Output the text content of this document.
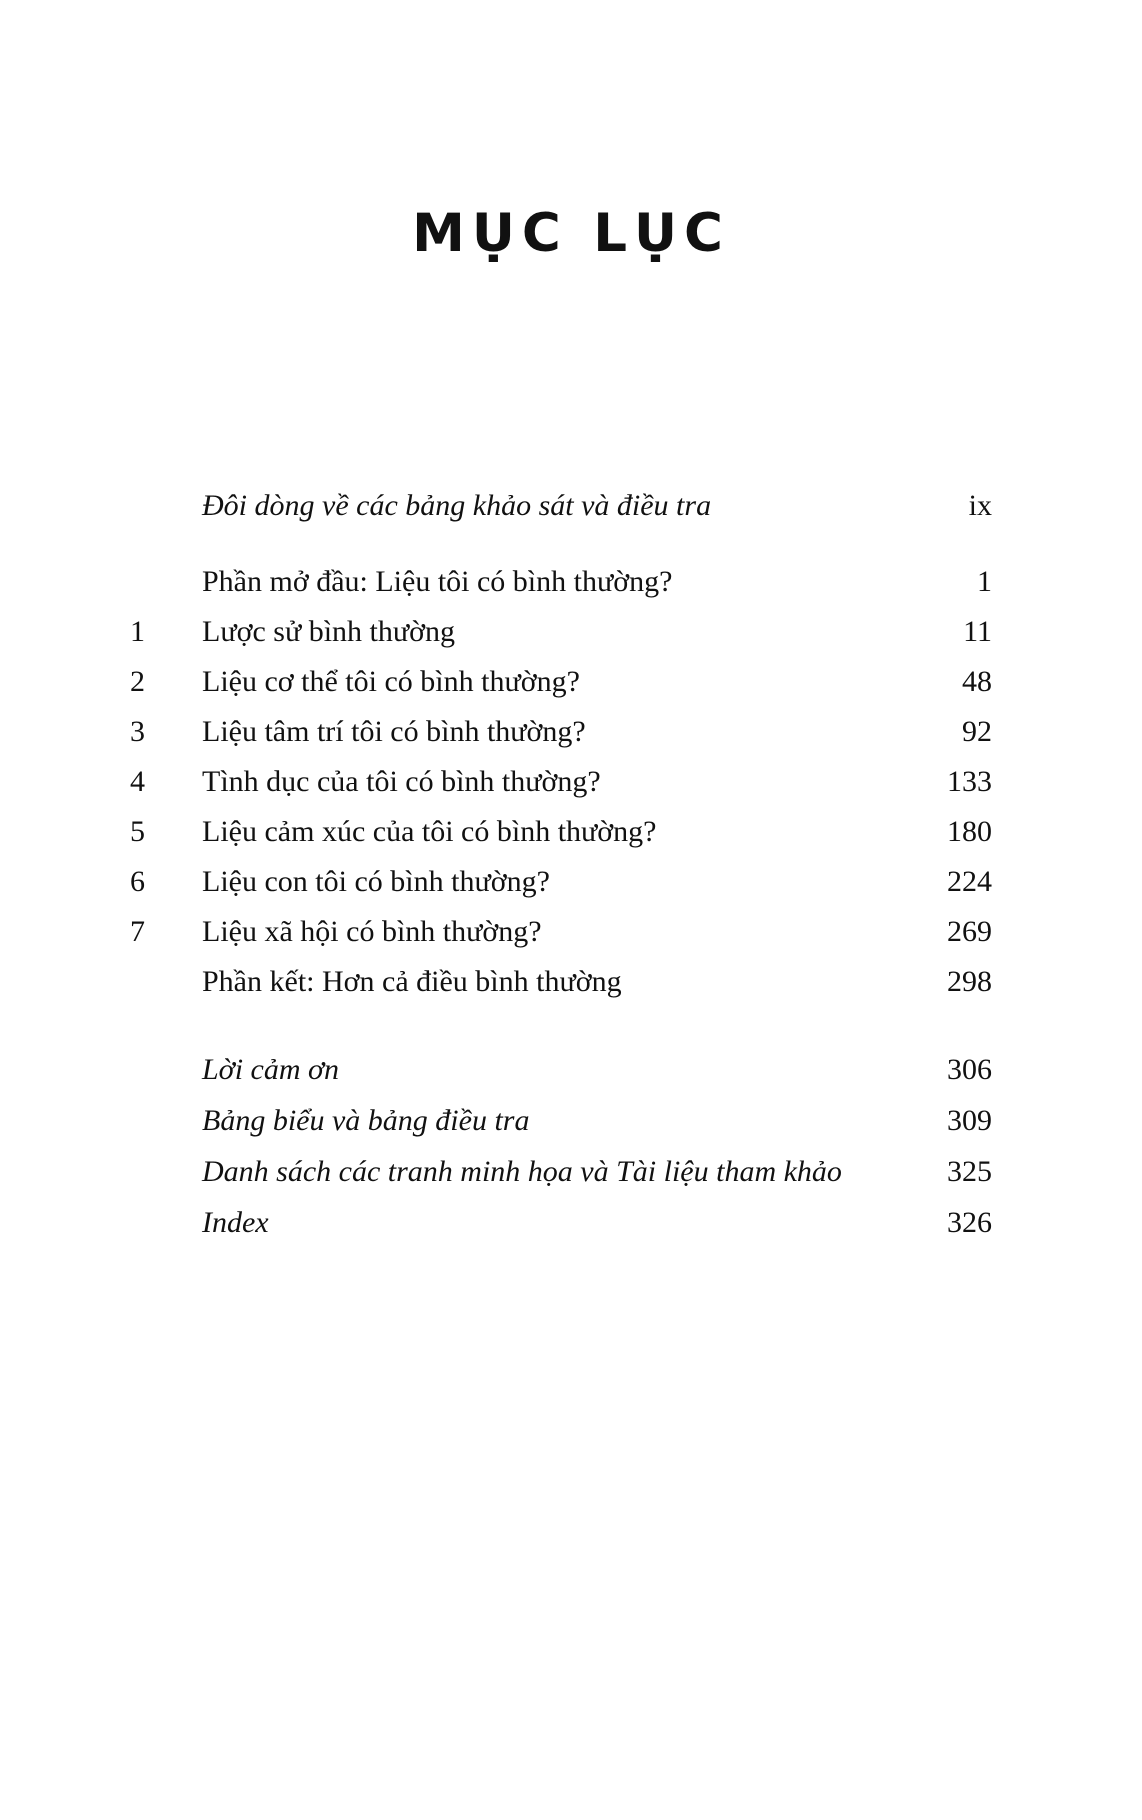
MỤC LỤC
Đôi dòng về các bảng khảo sát và điều tra	ix
Phần mở đầu: Liệu tôi có bình thường?	1
1	Lược sử bình thường	11
2	Liệu cơ thể tôi có bình thường?	48
3	Liệu tâm trí tôi có bình thường?	92
4	Tình dục của tôi có bình thường?	133
5	Liệu cảm xúc của tôi có bình thường?	180
6	Liệu con tôi có bình thường?	224
7	Liệu xã hội có bình thường?	269
Phần kết: Hơn cả điều bình thường	298
Lời cảm ơn	306
Bảng biểu và bảng điều tra	309
Danh sách các tranh minh họa và Tài liệu tham khảo	325
Index	326
